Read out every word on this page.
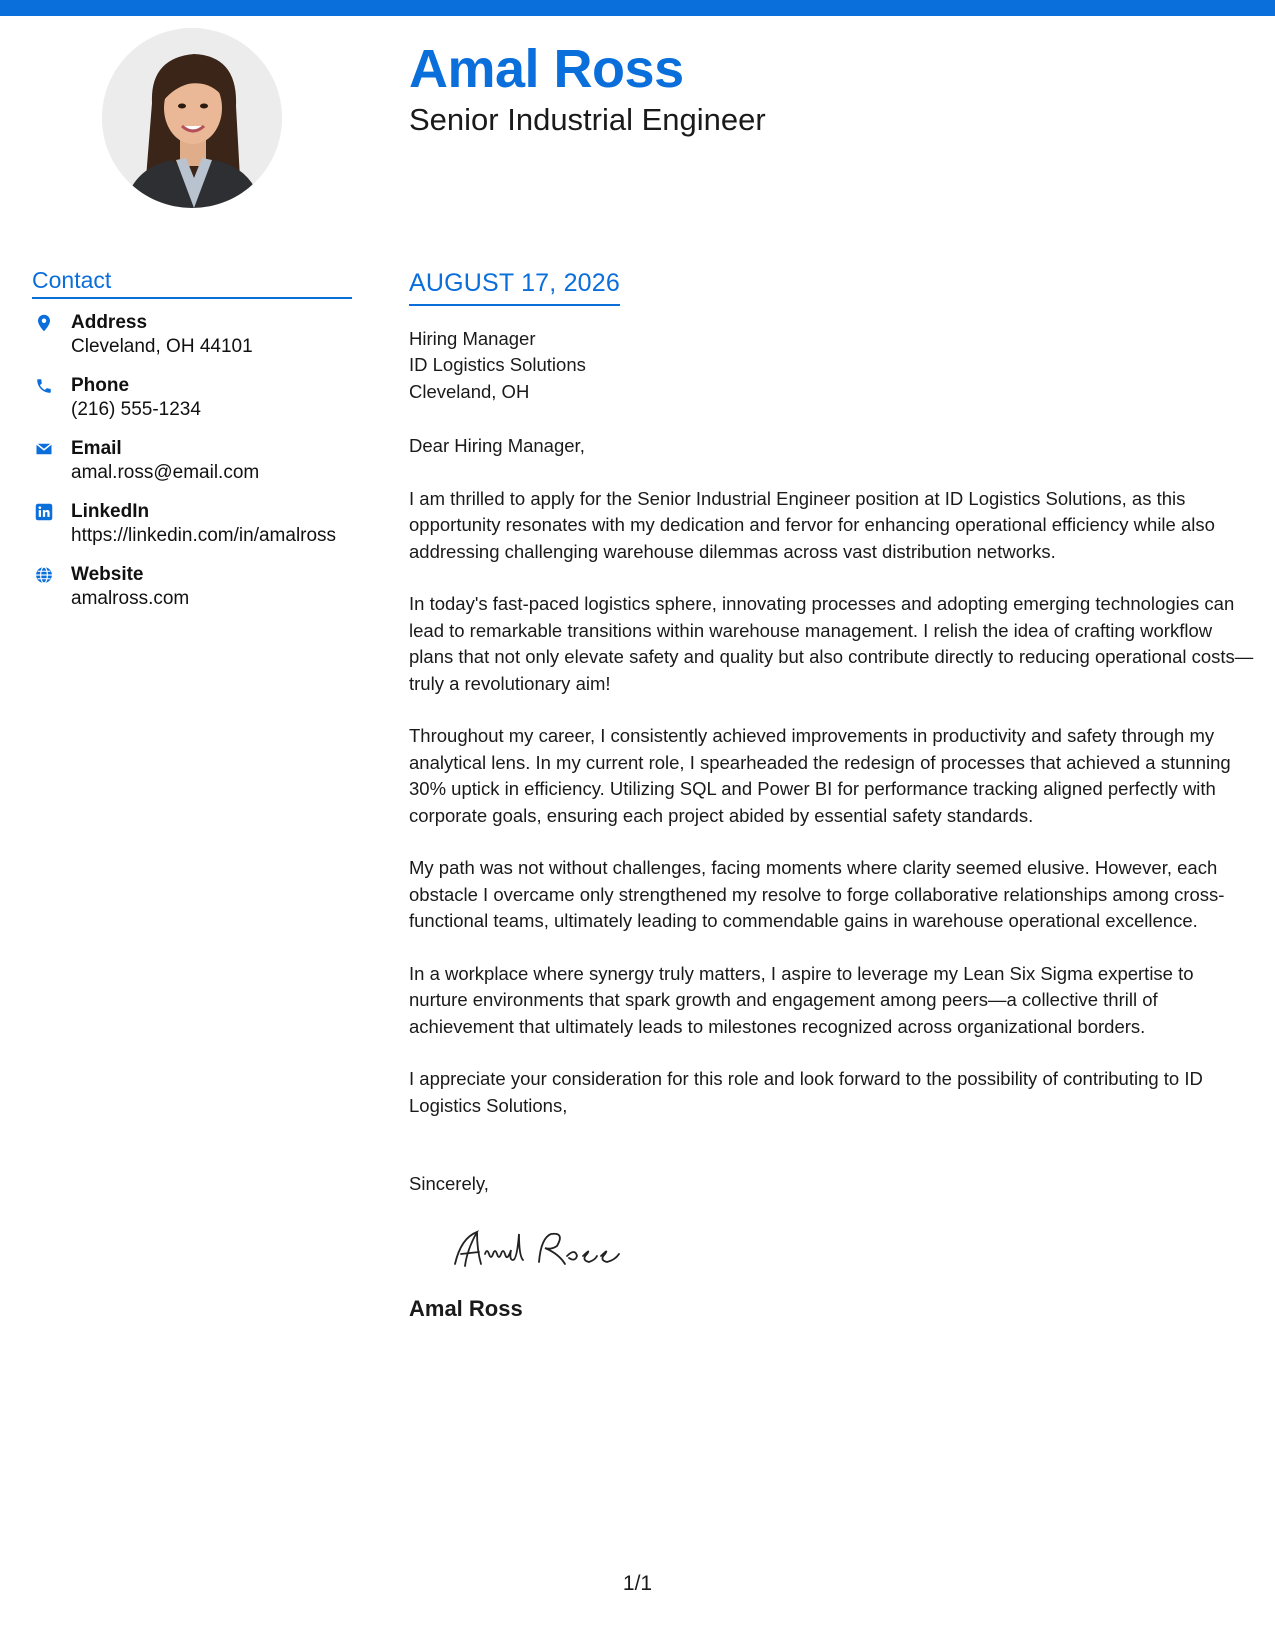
Amal Ross
Senior Industrial Engineer
Contact
Address
Cleveland, OH 44101
Phone
(216) 555-1234
Email
amal.ross@email.com
LinkedIn
https://linkedin.com/in/amalross
Website
amalross.com
AUGUST 17, 2026
Hiring Manager
ID Logistics Solutions
Cleveland, OH
Dear Hiring Manager,
I am thrilled to apply for the Senior Industrial Engineer position at ID Logistics Solutions, as this opportunity resonates with my dedication and fervor for enhancing operational efficiency while also addressing challenging warehouse dilemmas across vast distribution networks.
In today's fast-paced logistics sphere, innovating processes and adopting emerging technologies can lead to remarkable transitions within warehouse management. I relish the idea of crafting workflow plans that not only elevate safety and quality but also contribute directly to reducing operational costs—truly a revolutionary aim!
Throughout my career, I consistently achieved improvements in productivity and safety through my analytical lens. In my current role, I spearheaded the redesign of processes that achieved a stunning 30% uptick in efficiency. Utilizing SQL and Power BI for performance tracking aligned perfectly with corporate goals, ensuring each project abided by essential safety standards.
My path was not without challenges, facing moments where clarity seemed elusive. However, each obstacle I overcame only strengthened my resolve to forge collaborative relationships among cross-functional teams, ultimately leading to commendable gains in warehouse operational excellence.
In a workplace where synergy truly matters, I aspire to leverage my Lean Six Sigma expertise to nurture environments that spark growth and engagement among peers—a collective thrill of achievement that ultimately leads to milestones recognized across organizational borders.
I appreciate your consideration for this role and look forward to the possibility of contributing to ID Logistics Solutions,
Sincerely,
Amal Ross
1/1
